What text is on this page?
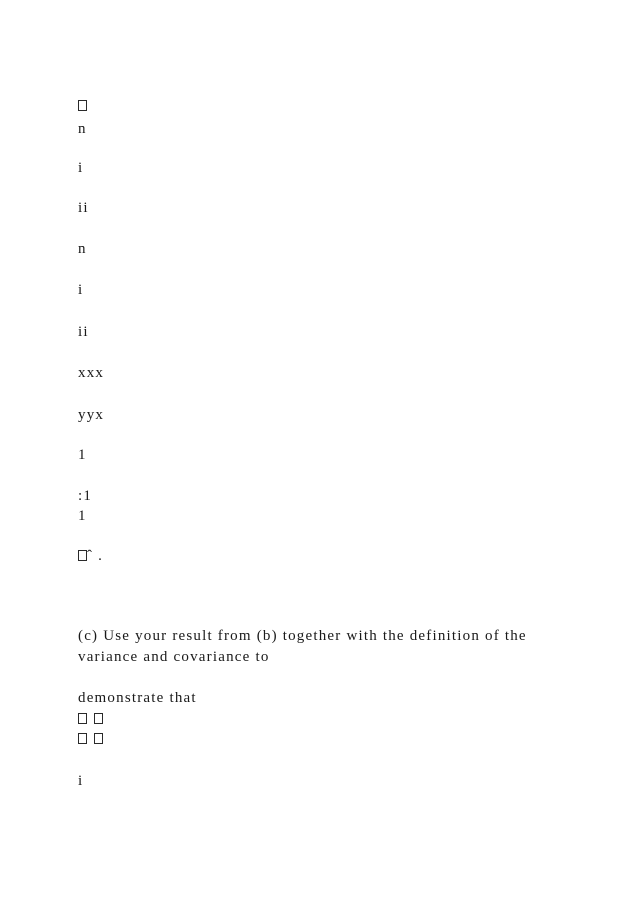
n
i
ii
n
i
ii
xxx
yyx
1
:1
1
ˆ .
(c) Use your result from (b) together with the definition of the
variance and covariance to
demonstrate that
i
